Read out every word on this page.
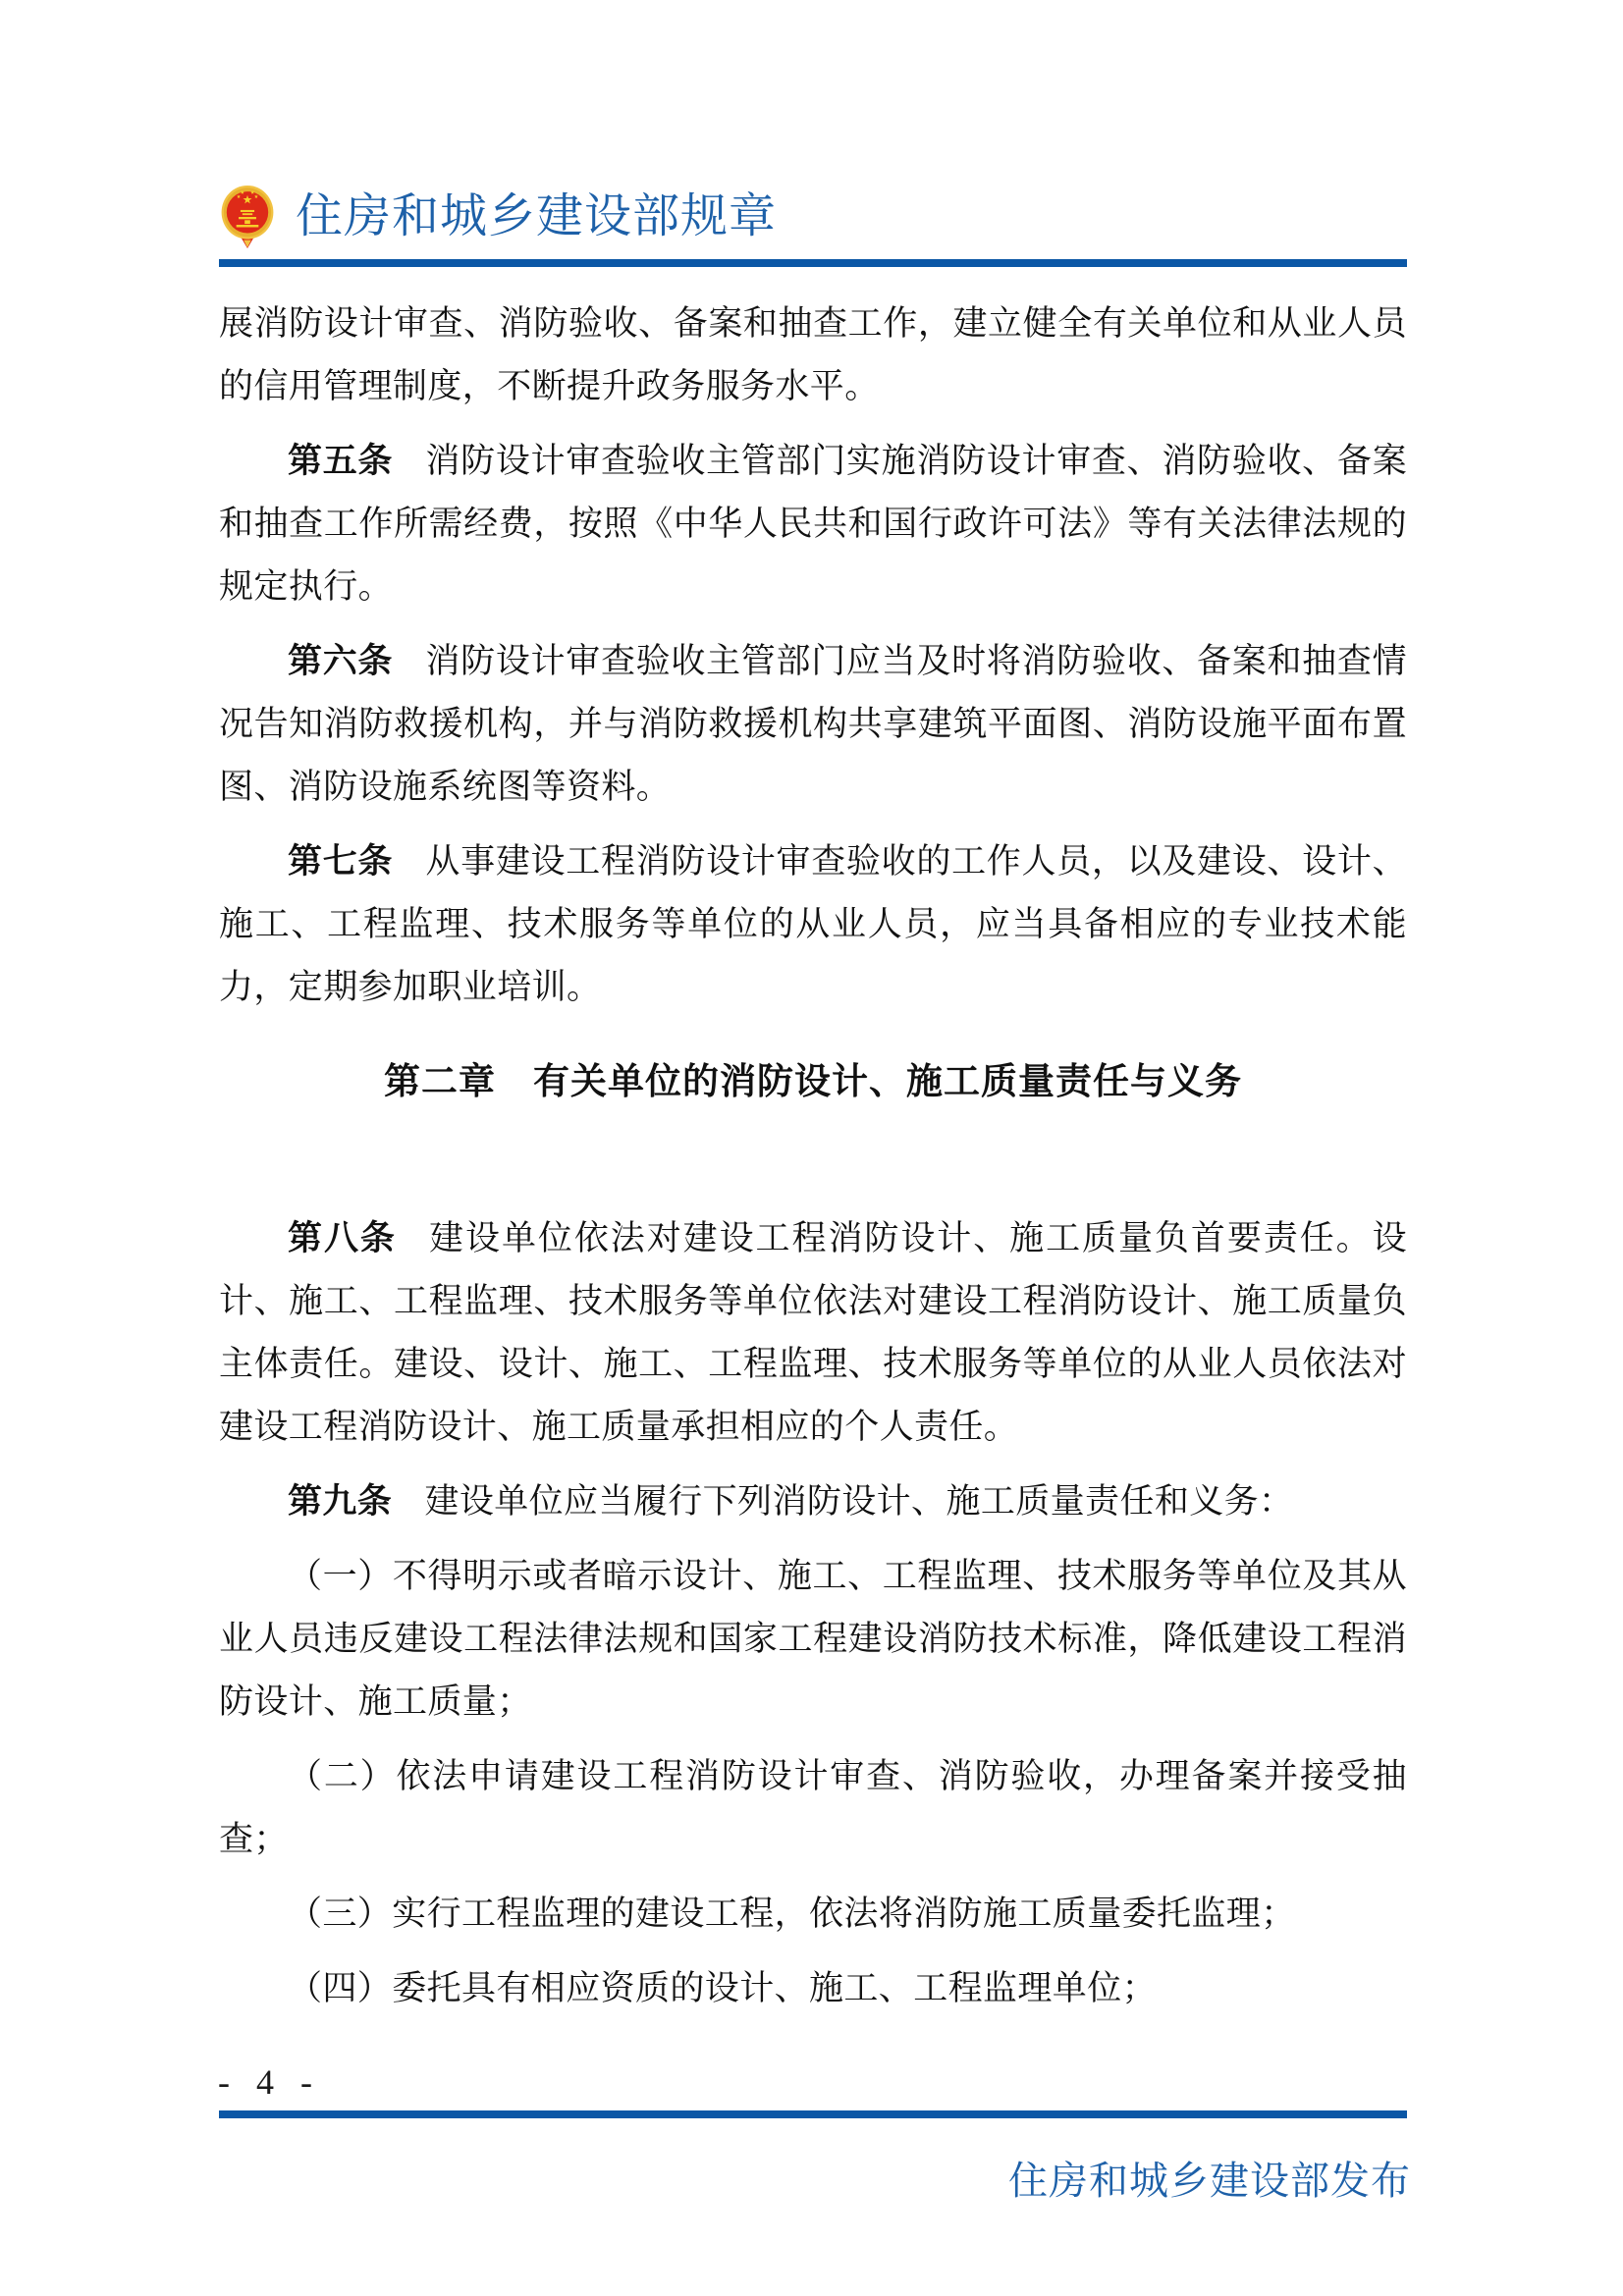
住房和城乡建设部规章

展消防设计审查、消防验收、备案和抽查工作，建立健全有关单位和从业人员的信用管理制度，不断提升政务服务水平。

第五条 消防设计审查验收主管部门实施消防设计审查、消防验收、备案和抽查工作所需经费，按照《中华人民共和国行政许可法》等有关法律法规的规定执行。

第六条 消防设计审查验收主管部门应当及时将消防验收、备案和抽查情况告知消防救援机构，并与消防救援机构共享建筑平面图、消防设施平面布置图、消防设施系统图等资料。

第七条 从事建设工程消防设计审查验收的工作人员，以及建设、设计、施工、工程监理、技术服务等单位的从业人员，应当具备相应的专业技术能力，定期参加职业培训。

第二章　有关单位的消防设计、施工质量责任与义务

第八条 建设单位依法对建设工程消防设计、施工质量负首要责任。设计、施工、工程监理、技术服务等单位依法对建设工程消防设计、施工质量负主体责任。建设、设计、施工、工程监理、技术服务等单位的从业人员依法对建设工程消防设计、施工质量承担相应的个人责任。

第九条 建设单位应当履行下列消防设计、施工质量责任和义务：

（一）不得明示或者暗示设计、施工、工程监理、技术服务等单位及其从业人员违反建设工程法律法规和国家工程建设消防技术标准，降低建设工程消防设计、施工质量；

（二）依法申请建设工程消防设计审查、消防验收，办理备案并接受抽查；

（三）实行工程监理的建设工程，依法将消防施工质量委托监理；

（四）委托具有相应资质的设计、施工、工程监理单位；

- 4 -
住房和城乡建设部发布
